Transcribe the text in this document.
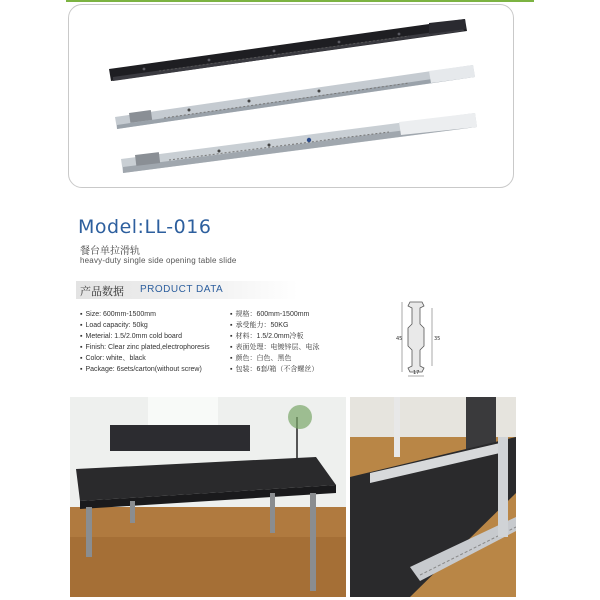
Model:LL-016
餐台单拉滑轨
heavy-duty single side opening table slide
产品数据 PRODUCT DATA
▪ Size: 600mm-1500mm
▪ Load capacity: 50kg
▪ Meterial: 1.5/2.0mm cold board
▪ Finish: Clear zinc plated,electrophoresis
▪ Color: white、black
▪ Package: 6sets/carton(without screw)
▪ 规格：600mm-1500mm
▪ 承受能力：50KG
▪ 材料：1.5/2.0mm冷板
▪ 表面处理：电镀锌层、电泳
▪ 颜色：白色、黑色
▪ 包装：6套/箱（不含螺丝）
45	35
17
